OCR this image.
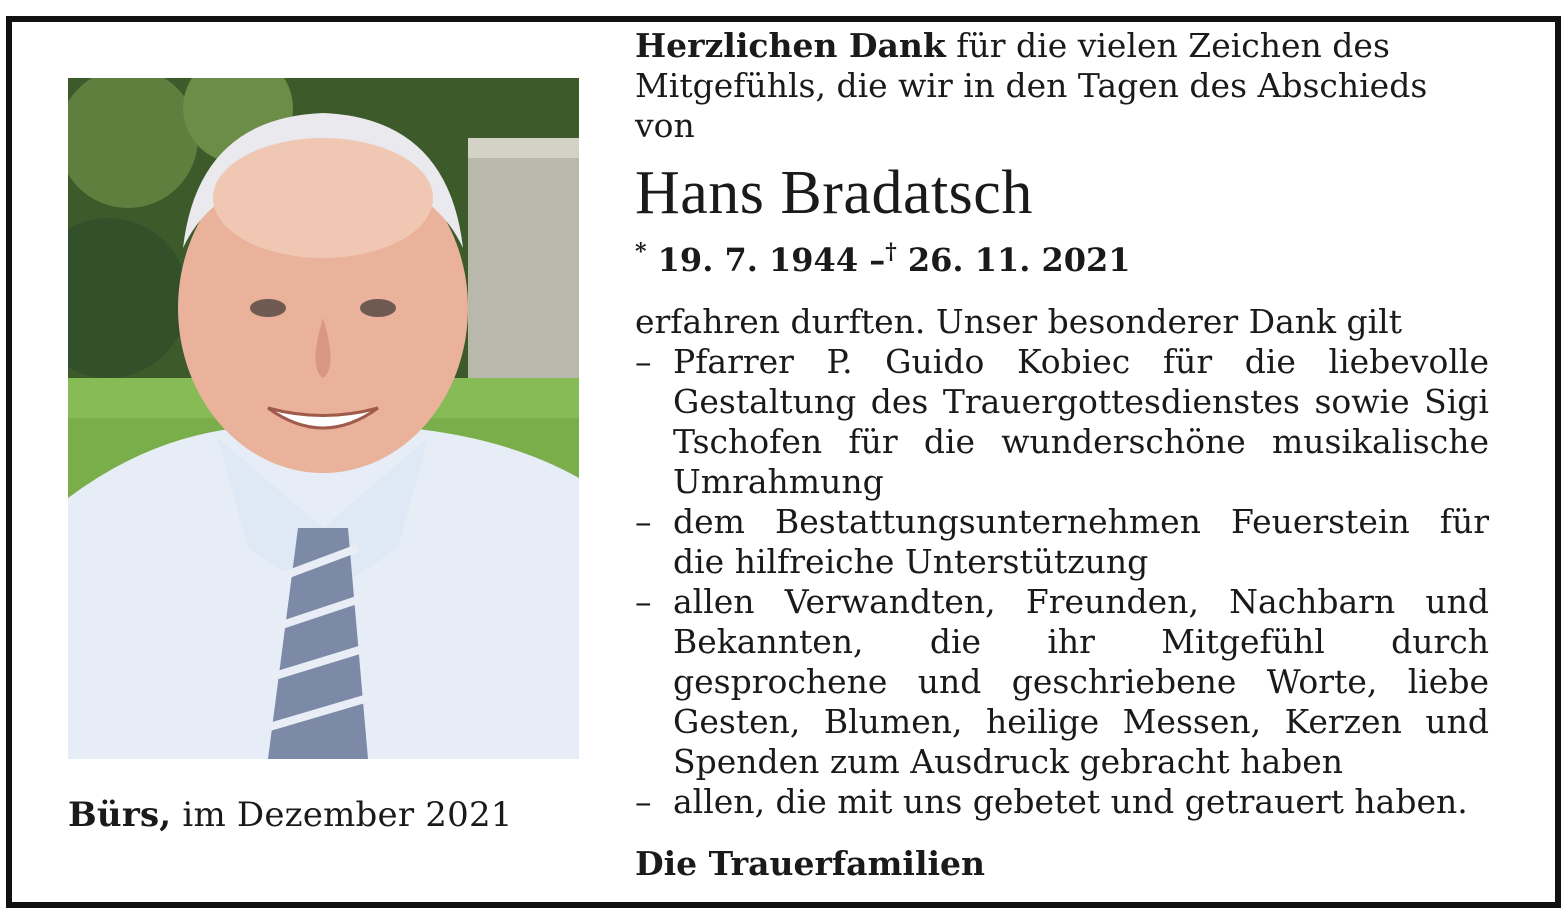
Bürs, im Dezember 2021

Herzlichen Dank für die vielen Zeichen des Mitgefühls, die wir in den Tagen des Abschieds von

Hans Bradatsch
* 19. 7. 1944 –† 26. 11. 2021
erfahren durften. Unser besonderer Dank gilt
– Pfarrer P. Guido Kobiec für die liebevolle Gestaltung des Trauergottesdienstes sowie Sigi Tschofen für die wunderschöne musikalische Umrahmung
– dem Bestattungsunternehmen Feuerstein für die hilfreiche Unterstützung
– allen Verwandten, Freunden, Nachbarn und Bekannten, die ihr Mitgefühl durch gesprochene und geschriebene Worte, liebe Gesten, Blumen, heilige Messen, Kerzen und Spenden zum Ausdruck gebracht haben
– allen, die mit uns gebetet und getrauert haben.
Die Trauerfamilien
